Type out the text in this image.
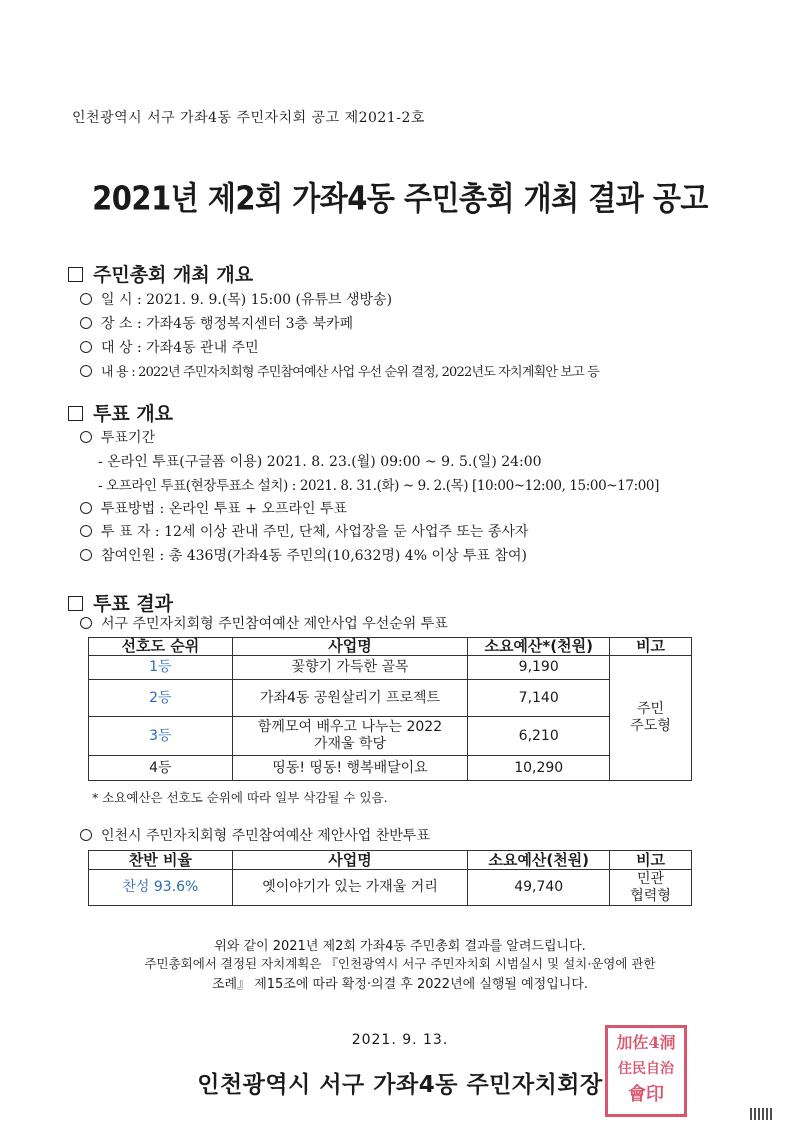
인천광역시 서구 가좌4동 주민자치회 공고 제2021-2호
2021년 제2회 가좌4동 주민총회 개최 결과 공고
주민총회 개최 개요
일 시 : 2021. 9. 9.(목) 15:00 (유튜브 생방송)
장 소 : 가좌4동 행정복지센터 3층 북카페
대 상 : 가좌4동 관내 주민
내 용 : 2022년 주민자치회형 주민참여예산 사업 우선 순위 결정, 2022년도 자치계획안 보고 등
투표 개요
투표기간
- 온라인 투표(구글폼 이용) 2021. 8. 23.(월) 09:00 ~ 9. 5.(일) 24:00
- 오프라인 투표(현장투표소 설치) : 2021. 8. 31.(화) ~ 9. 2.(목) [10:00~12:00, 15:00~17:00]
투표방법 : 온라인 투표 + 오프라인 투표
투 표 자 : 12세 이상 관내 주민, 단체, 사업장을 둔 사업주 또는 종사자
참여인원 : 총 436명(가좌4동 주민의(10,632명) 4% 이상 투표 참여)
투표 결과
서구 주민자치회형 주민참여예산 제안사업 우선순위 투표
선호도 순위	사업명	소요예산*(천원)	비고
1등	꽃향기 가득한 골목	9,190	주민
주도형

2등	가좌4동 공원살리기 프로젝트	7,140	
3등	함께모여 배우고 나누는 2022
가재울 학당	6,210	
4등	띵동! 띵동! 행복배달이요	10,290	
* 소요예산은 선호도 순위에 따라 일부 삭감될 수 있음.
인천시 주민자치회형 주민참여예산 제안사업 찬반투표
찬반 비율	사업명	소요예산(천원)	비고
찬성 93.6%	옛이야기가 있는 가재울 거리	49,740	민관
협력형
위와 같이 2021년 제2회 가좌4동 주민총회 결과를 알려드립니다.
주민총회에서 결정된 자치계획은 『인천광역시 서구 주민자치회 시범실시 및 설치·운영에 관한
조례』 제15조에 따라 확정·의결 후 2022년에 실행될 예정입니다.
2021. 9. 13.
인천광역시 서구 가좌4동 주민자치회장
加佐4洞
住民自治
會印
